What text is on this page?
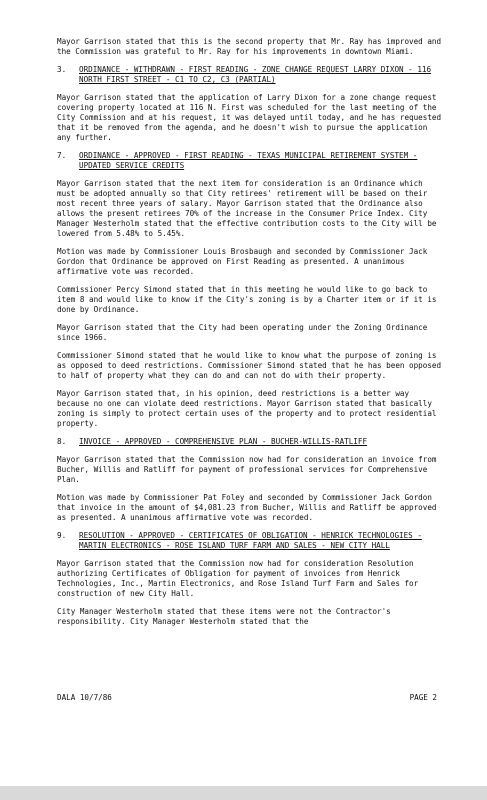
Mayor Garrison stated that this is the second property that Mr. Ray has improved and the Commission was grateful to Mr. Ray for his improvements in downtown Miami.

3.	ORDINANCE - WITHDRAWN - FIRST READING - ZONE CHANGE REQUEST LARRY DIXON - 116 NORTH FIRST STREET - C1 TO C2, C3 (PARTIAL)

Mayor Garrison stated that the application of Larry Dixon for a zone change request covering property located at 116 N. First was scheduled for the last meeting of the City Commission and at his request, it was delayed until today, and he has requested that it be removed from the agenda, and he doesn't wish to pursue the application any further.

7.	ORDINANCE - APPROVED - FIRST READING - TEXAS MUNICIPAL RETIREMENT SYSTEM - UPDATED SERVICE CREDITS

Mayor Garrison stated that the next item for consideration is an Ordinance which must be adopted annually so that City retirees' retirement will be based on their most recent three years of salary. Mayor Garrison stated that the Ordinance also allows the present retirees 70% of the increase in the Consumer Price Index. City Manager Westerholm stated that the effective contribution costs to the City will be lowered from 5.48% to 5.45%.

Motion was made by Commissioner Louis Brosbaugh and seconded by Commissioner Jack Gordon that Ordinance be approved on First Reading as presented. A unanimous affirmative vote was recorded.

Commissioner Percy Simond stated that in this meeting he would like to go back to item 8 and would like to know if the City's zoning is by a Charter item or if it is done by Ordinance.

Mayor Garrison stated that the City had been operating under the Zoning Ordinance since 1966.

Commissioner Simond stated that he would like to know what the purpose of zoning is as opposed to deed restrictions. Commissioner Simond stated that he has been opposed to half of property what they can do and can not do with their property.

Mayor Garrison stated that, in his opinion, deed restrictions is a better way because no one can violate deed restrictions. Mayor Garrison stated that basically zoning is simply to protect certain uses of the property and to protect residential property.

8.	INVOICE - APPROVED - COMPREHENSIVE PLAN - BUCHER-WILLIS-RATLIFF

Mayor Garrison stated that the Commission now had for consideration an invoice from Bucher, Willis and Ratliff for payment of professional services for Comprehensive Plan.

Motion was made by Commissioner Pat Foley and seconded by Commissioner Jack Gordon that invoice in the amount of $4,081.23 from Bucher, Willis and Ratliff be approved as presented. A unanimous affirmative vote was recorded.

9.	RESOLUTION - APPROVED - CERTIFICATES OF OBLIGATION - HENRICK TECHNOLOGIES - MARTIN ELECTRONICS - ROSE ISLAND TURF FARM AND SALES - NEW CITY HALL

Mayor Garrison stated that the Commission now had for consideration Resolution authorizing Certificates of Obligation for payment of invoices from Henrick Technologies, Inc., Martin Electronics, and Rose Island Turf Farm and Sales for construction of new City Hall.

City Manager Westerholm stated that these items were not the Contractor's responsibility. City Manager Westerholm stated that the

DALA 10/7/86	PAGE 2
